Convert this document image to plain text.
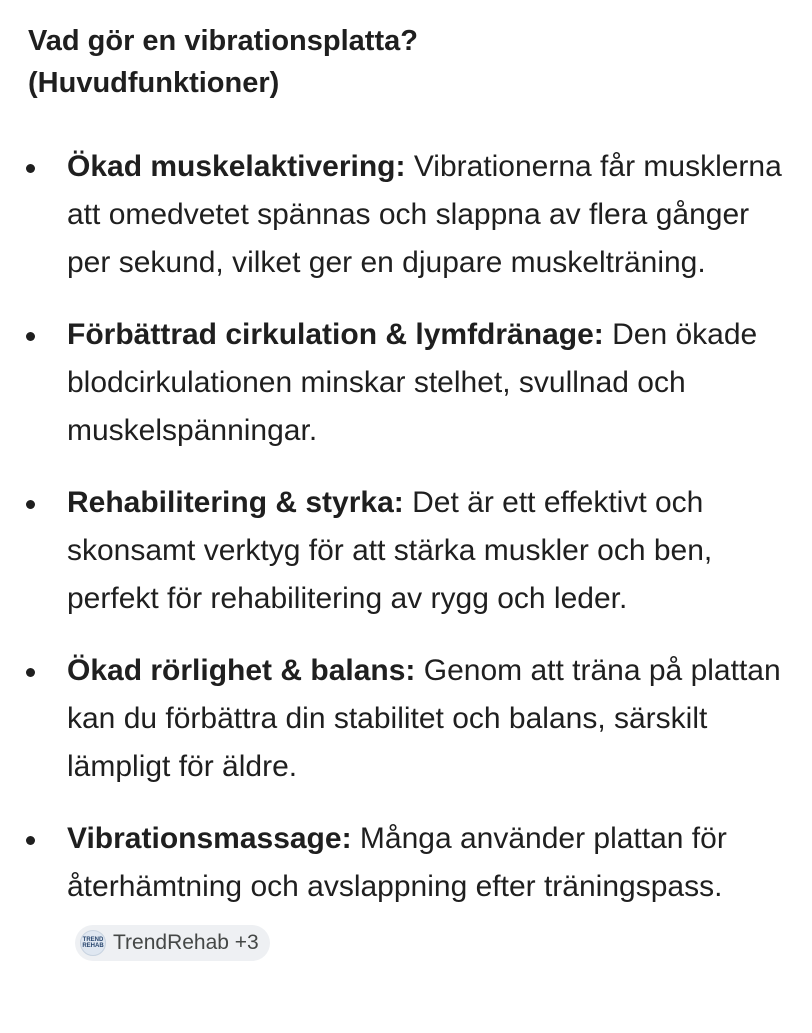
Vad gör en vibrationsplatta?
(Huvudfunktioner)
Ökad muskelaktivering: Vibrationerna får musklerna att omedvetet spännas och slappna av flera gånger per sekund, vilket ger en djupare muskelträning.
Förbättrad cirkulation & lymfdränage: Den ökade blodcirkulationen minskar stelhet, svullnad och muskelspänningar.
Rehabilitering & styrka: Det är ett effektivt och skonsamt verktyg för att stärka muskler och ben, perfekt för rehabilitering av rygg och leder.
Ökad rörlighet & balans: Genom att träna på plattan kan du förbättra din stabilitet och balans, särskilt lämpligt för äldre.
Vibrationsmassage: Många använder plattan för återhämtning och avslappning efter träningspass.
TREND REHAB TrendRehab +3
